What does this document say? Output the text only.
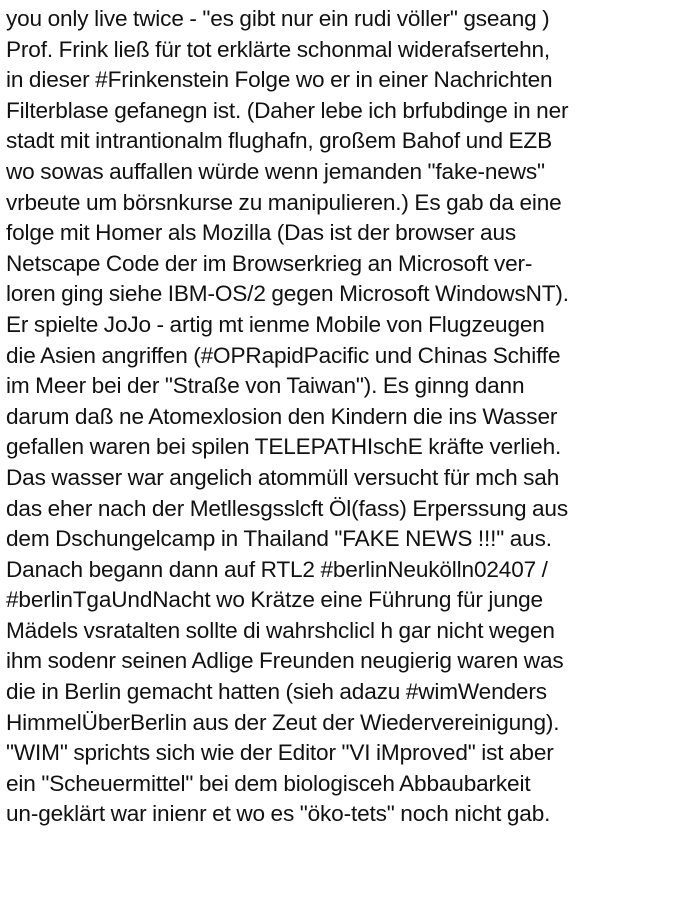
you only live twice - "es gibt nur ein rudi völler" gseang )
Prof. Frink ließ für tot erklärte schonmal widerafsertehn,
in dieser #Frinkenstein Folge wo er in einer Nachrichten
Filterblase gefanegn ist. (Daher lebe ich brfubdinge in ner
stadt mit intrantionalm flughafn, großem Bahof und EZB
wo sowas auffallen würde wenn jemanden "fake-news"
vrbeute um börsnkurse zu manipulieren.) Es gab da eine
folge mit Homer als Mozilla (Das ist der browser aus
Netscape Code der im Browserkrieg an Microsoft ver-
loren ging siehe IBM-OS/2 gegen Microsoft WindowsNT).
Er spielte JoJo - artig mt ienme Mobile von Flugzeugen
die Asien angriffen (#OPRapidPacific und Chinas Schiffe
im Meer bei der "Straße von Taiwan"). Es ginng dann
darum daß ne Atomexlosion den Kindern die ins Wasser
gefallen waren bei spilen TELEPATHIschE kräfte verlieh.
Das wasser war angelich atommüll versucht für mch sah
das eher nach der Metllesgsslcft Öl(fass) Erperssung aus
dem Dschungelcamp in Thailand "FAKE NEWS !!!" aus.
Danach begann dann auf RTL2 #berlinNeukölln02407 /
#berlinTgaUndNacht wo Krätze eine Führung für junge
Mädels vsratalten sollte di wahrshclicl h gar nicht wegen
ihm sodenr seinen Adlige Freunden neugierig waren was
die in Berlin gemacht hatten (sieh adazu #wimWenders
HimmelÜberBerlin aus der Zeut der Wiedervereinigung).
"WIM" sprichts sich wie der Editor "VI iMproved" ist aber
ein "Scheuermittel" bei dem biologisceh Abbaubarkeit
un-geklärt war inienr et wo es "öko-tets" noch nicht gab.
